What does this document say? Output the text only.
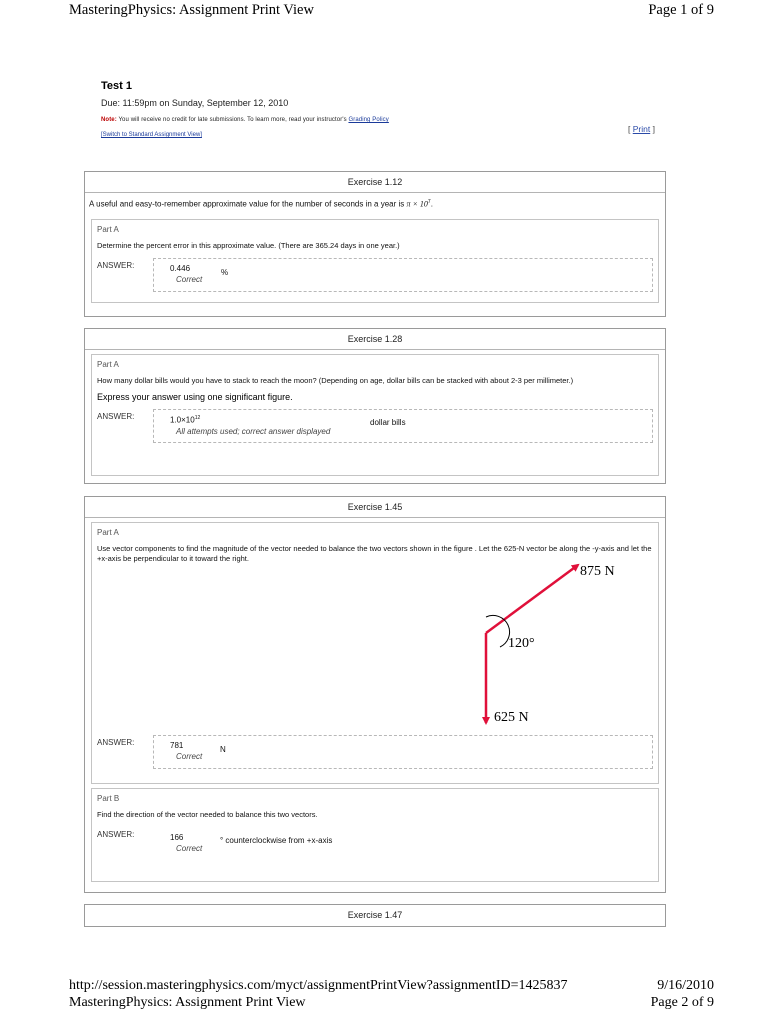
MasteringPhysics: Assignment Print View	Page 1 of 9
Test 1
Due: 11:59pm on Sunday, September 12, 2010
Note: You will receive no credit for late submissions. To learn more, read your instructor's Grading Policy
[Switch to Standard Assignment View]
[ Print ]
Exercise 1.12
A useful and easy-to-remember approximate value for the number of seconds in a year is $\pi \times 10^7$.
Part A
Determine the percent error in this approximate value. (There are 365.24 days in one year.)
ANSWER:	0.446
Correct
%
Exercise 1.28
Part A
How many dollar bills would you have to stack to reach the moon? (Depending on age, dollar bills can be stacked with about 2-3 per millimeter.)
Express your answer using one significant figure.
ANSWER:	$1.0\times 10^{12}$
All attempts used; correct answer displayed
dollar bills
Exercise 1.45
Part A
Use vector components to find the magnitude of the vector needed to balance the two vectors shown in the figure . Let the 625-N vector be along the -y-axis and let the +x-axis be perpendicular to it toward the right.
875 N
625 N
120°
ANSWER:	781
Correct
N
Part B
Find the direction of the vector needed to balance this two vectors.
ANSWER:	166
Correct
° counterclockwise from +x-axis
Exercise 1.47
http://session.masteringphysics.com/myct/assignmentPrintView?assignmentID=1425837	9/16/2010
MasteringPhysics: Assignment Print View	Page 2 of 9
